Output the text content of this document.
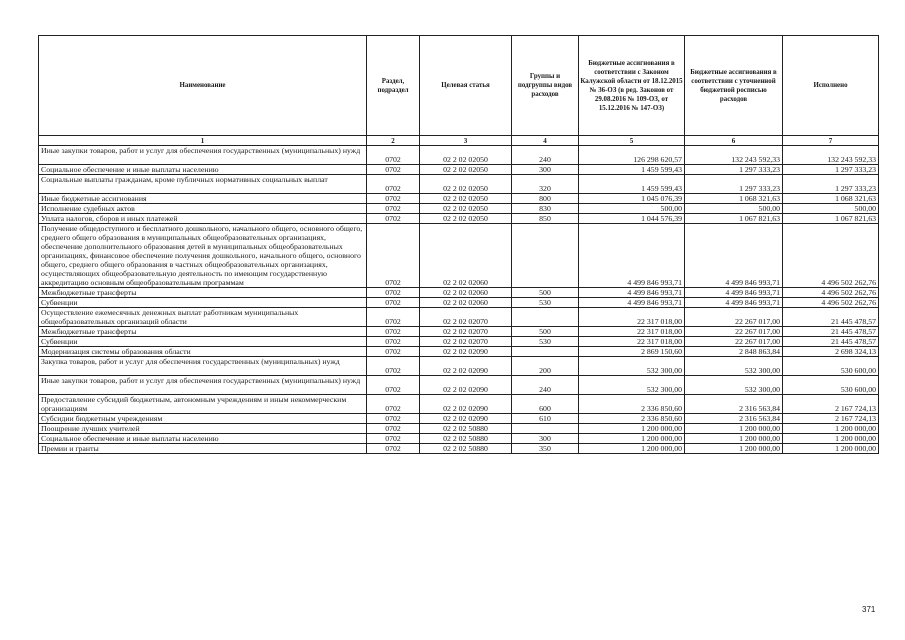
Наименование	Раздел, подраздел	Целевая статья	Группы и подгруппы видов расходов	Бюджетные ассигнования в соответствии с Законом Калужской области от 18.12.2015 № 36-ОЗ (в ред. Законов от 29.08.2016 № 109-ОЗ, от 15.12.2016 № 147-ОЗ)	Бюджетные ассигнования в соответствии с уточненной бюджетной росписью расходов	Исполнено
1	2	3	4	5	6	7
Иные закупки товаров, работ и услуг для обеспечения государственных (муниципальных) нужд	0702	02 2 02 02050	240	126 298 620,57	132 243 592,33	132 243 592,33
Социальное обеспечение и иные выплаты населению	0702	02 2 02 02050	300	1 459 599,43	1 297 333,23	1 297 333,23
Социальные выплаты гражданам, кроме публичных нормативных социальных выплат	0702	02 2 02 02050	320	1 459 599,43	1 297 333,23	1 297 333,23
Иные бюджетные ассигнования	0702	02 2 02 02050	800	1 045 076,39	1 068 321,63	1 068 321,63
Исполнение судебных актов	0702	02 2 02 02050	830	500,00	500,00	500,00
Уплата налогов, сборов и иных платежей	0702	02 2 02 02050	850	1 044 576,39	1 067 821,63	1 067 821,63
Получение общедоступного и бесплатного дошкольного, начального общего, основного общего, среднего общего образования в муниципальных общеобразовательных организациях, обеспечение дополнительного образования детей в муниципальных общеобразовательных организациях, финансовое обеспечение получения дошкольного, начального общего, основного общего, среднего общего образования в частных общеобразовательных организациях, осуществляющих общеобразовательную деятельность по имеющим государственную аккредитацию основным общеобразовательным программам	0702	02 2 02 02060		4 499 846 993,71	4 499 846 993,71	4 496 502 262,76
Межбюджетные трансферты	0702	02 2 02 02060	500	4 499 846 993,71	4 499 846 993,71	4 496 502 262,76
Субвенции	0702	02 2 02 02060	530	4 499 846 993,71	4 499 846 993,71	4 496 502 262,76
Осуществление ежемесячных денежных выплат работникам муниципальных общеобразовательных организаций области	0702	02 2 02 02070		22 317 018,00	22 267 017,00	21 445 478,57
Межбюджетные трансферты	0702	02 2 02 02070	500	22 317 018,00	22 267 017,00	21 445 478,57
Субвенции	0702	02 2 02 02070	530	22 317 018,00	22 267 017,00	21 445 478,57
Модернизация системы образования области	0702	02 2 02 02090		2 869 150,60	2 848 863,84	2 698 324,13
Закупка товаров, работ и услуг для обеспечения государственных (муниципальных) нужд	0702	02 2 02 02090	200	532 300,00	532 300,00	530 600,00
Иные закупки товаров, работ и услуг для обеспечения государственных (муниципальных) нужд	0702	02 2 02 02090	240	532 300,00	532 300,00	530 600,00
Предоставление субсидий бюджетным, автономным учреждениям и иным некоммерческим организациям	0702	02 2 02 02090	600	2 336 850,60	2 316 563,84	2 167 724,13
Субсидии бюджетным учреждениям	0702	02 2 02 02090	610	2 336 850,60	2 316 563,84	2 167 724,13
Поощрение лучших учителей	0702	02 2 02 50880		1 200 000,00	1 200 000,00	1 200 000,00
Социальное обеспечение и иные выплаты населению	0702	02 2 02 50880	300	1 200 000,00	1 200 000,00	1 200 000,00
Премии и гранты	0702	02 2 02 50880	350	1 200 000,00	1 200 000,00	1 200 000,00
371
